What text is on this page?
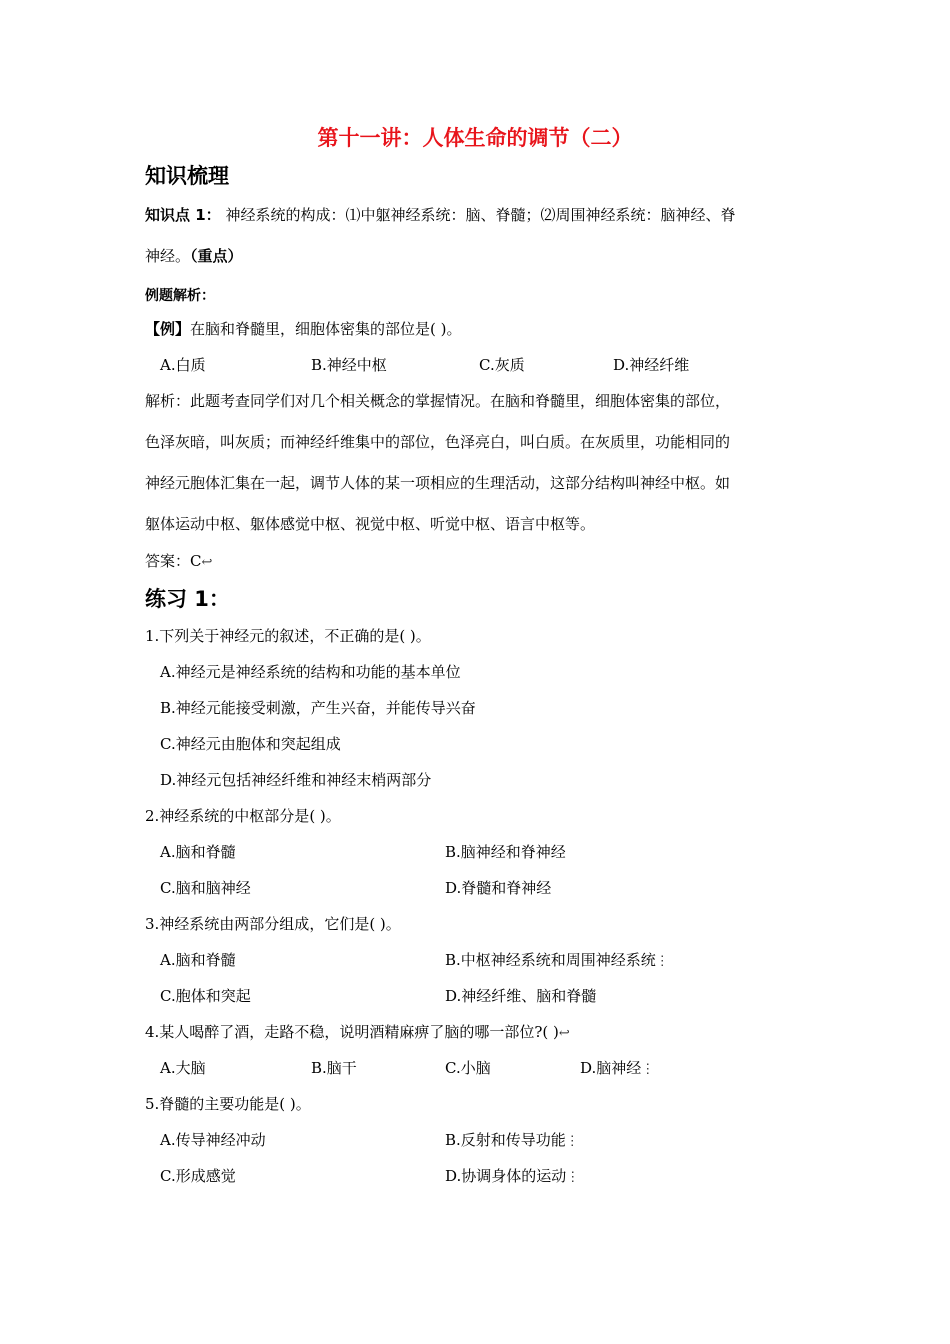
第十一讲：人体生命的调节（二）
知识梳理
知识点 1： 神经系统的构成：⑴中躯神经系统：脑、脊髓；⑵周围神经系统：脑神经、脊
神经。（重点）
例题解析：
【例】在脑和脊髓里，细胞体密集的部位是( )。
A.白质	B.神经中枢	C.灰质	D.神经纤维
解析：此题考查同学们对几个相关概念的掌握情况。在脑和脊髓里，细胞体密集的部位，
色泽灰暗，叫灰质；而神经纤维集中的部位，色泽亮白，叫白质。在灰质里，功能相同的
神经元胞体汇集在一起，调节人体的某一项相应的生理活动，这部分结构叫神经中枢。如
躯体运动中枢、躯体感觉中枢、视觉中枢、听觉中枢、语言中枢等。
答案：C↩
练习 1：
1.下列关于神经元的叙述，不正确的是( )。
A.神经元是神经系统的结构和功能的基本单位
B.神经元能接受刺激，产生兴奋，并能传导兴奋
C.神经元由胞体和突起组成
D.神经元包括神经纤维和神经末梢两部分
2.神经系统的中枢部分是( )。
A.脑和脊髓	B.脑神经和脊神经
C.脑和脑神经	D.脊髓和脊神经
3.神经系统由两部分组成，它们是( )。
A.脑和脊髓	B.中枢神经系统和周围神经系统⋮
C.胞体和突起	D.神经纤维、脑和脊髓
4.某人喝醉了酒，走路不稳，说明酒精麻痹了脑的哪一部位?( )↩
A.大脑	B.脑干	C.小脑	D.脑神经⋮
5.脊髓的主要功能是( )。
A.传导神经冲动	B.反射和传导功能⋮
C.形成感觉	D.协调身体的运动⋮
